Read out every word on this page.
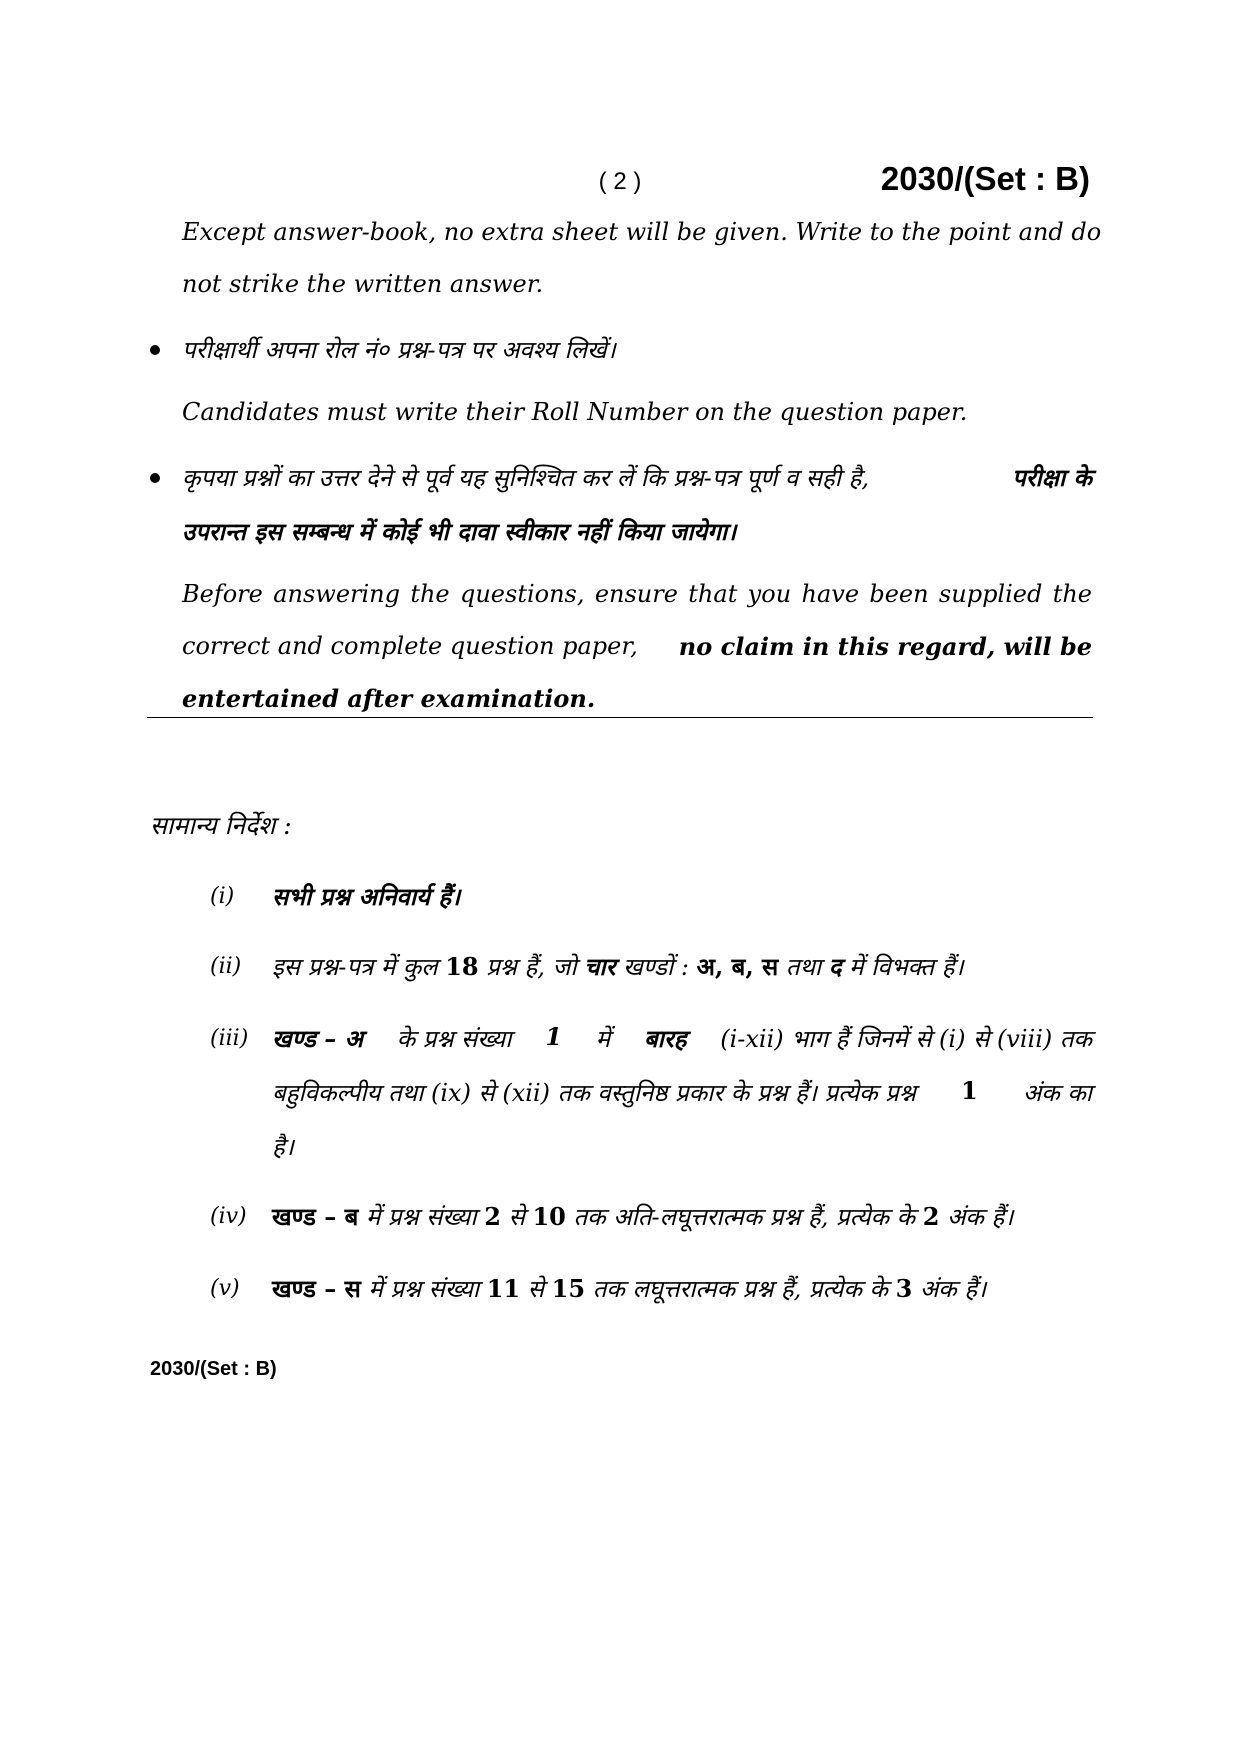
( 2 )	2030/(Set : B)
Except answer-book, no extra sheet will be given. Write to the point and do
not strike the written answer.
परीक्षार्थी अपना रोल नं० प्रश्न-पत्र पर अवश्य लिखें।
Candidates must write their Roll Number on the question paper.
कृपया प्रश्नों का उत्तर देने से पूर्व यह सुनिश्चित कर लें कि प्रश्न-पत्र पूर्ण व सही है,	परीक्षा के
उपरान्त इस सम्बन्ध में कोई भी दावा स्वीकार नहीं किया जायेगा।
Before answering the questions, ensure that you have been supplied the
correct and complete question paper, no claim in this regard, will be
entertained after examination.
सामान्य निर्देश :
(i)	सभी प्रश्न अनिवार्य हैं।
(ii)	इस प्रश्न-पत्र में कुल 18 प्रश्न हैं, जो चार खण्डों : अ, ब, स तथा द में विभक्त हैं।
(iii) खण्ड – अ के प्रश्न संख्या 1 में बारह (i-xii) भाग हैं जिनमें से (i) से (viii) तक
बहुविकल्पीय तथा (ix) से (xii) तक वस्तुनिष्ठ प्रकार के प्रश्न हैं। प्रत्येक प्रश्न 1 अंक का
है।
(iv)	खण्ड – ब में प्रश्न संख्या 2 से 10 तक अति-लघूत्तरात्मक प्रश्न हैं, प्रत्येक के 2 अंक हैं।
(v)	खण्ड – स में प्रश्न संख्या 11 से 15 तक लघूत्तरात्मक प्रश्न हैं, प्रत्येक के 3 अंक हैं।
2030/(Set : B)
